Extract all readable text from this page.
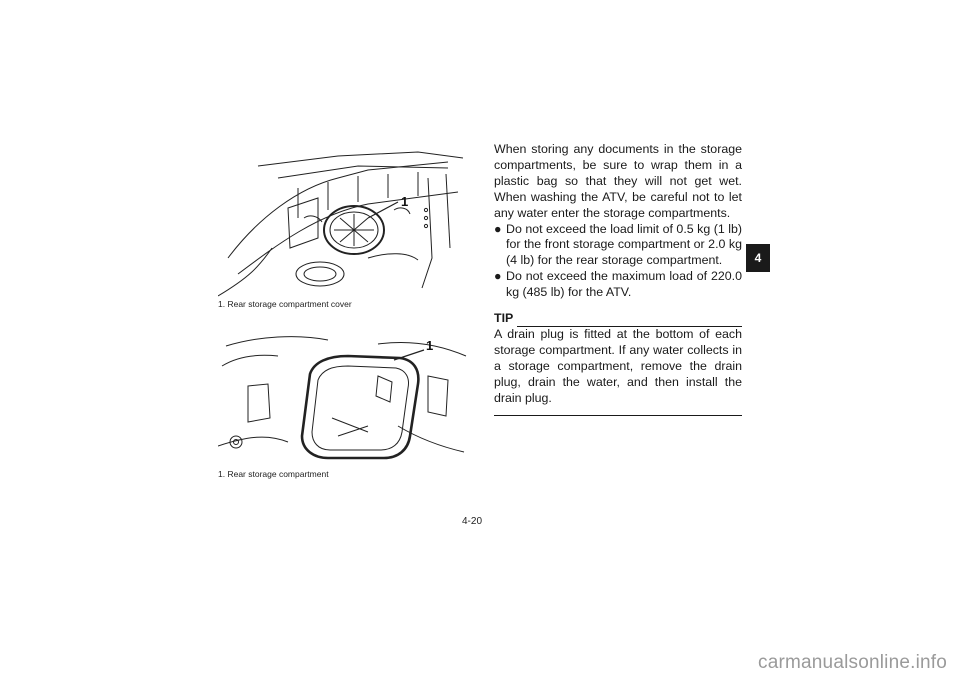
1
1. Rear storage compartment cover
1
1. Rear storage compartment

When storing any documents in the storage compartments, be sure to wrap them in a plastic bag so that they will not get wet. When washing the ATV, be careful not to let any water enter the storage compartments.

● Do not exceed the load limit of 0.5 kg (1 lb) for the front storage compartment or 2.0 kg (4 lb) for the rear storage compartment.
● Do not exceed the maximum load of 220.0 kg (485 lb) for the ATV.
TIP

A drain plug is fitted at the bottom of each storage compartment. If any water collects in a storage compartment, remove the drain plug, drain the water, and then install the drain plug.

4
4-20
carmanualsonline.info
